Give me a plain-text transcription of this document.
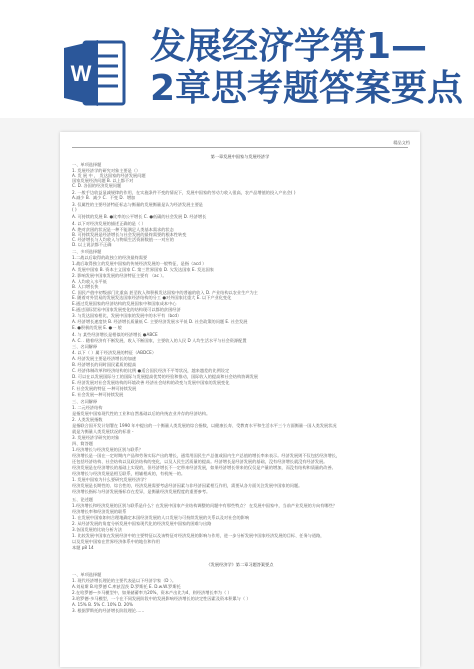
W
发展经济学第1—
2章思考题答案要点
精品文档
第一章发展中国家与发展经济学
一、单项选择题
1. 发展经济学的研究对象主要是（）
A. 发 展 中 ， 发达国家的经济发展问题
国家发展经济问题 B. 以上都不对
C. D. 各国的经济发展问题
2. 一般手边收益显减规律的作用，在实施条件不变的情况下，发展中国家的劳动力收入很高，农产品增值的投入产出会( )
A.减少 B．减少 C．不变 D．增加
3. 仅属性的主要经济特征标志与衡量的发展衡量是认为经济发展主要是
( )
A. 可持续的发展 B. ●比率的公平增长 C. ●低碳的社会发展 D. 经济增长
4. 以下对经济发展的描述正确的是（ ）
A. 绝对贫困的状况是一种不能满足人类基本需求的状态
B. 可持续发展是经济增长与社会发展的最终需要的根本性转变
C. 经济增长与人均收入与物质生活资源数值一一对应的
D. 以上说法都不正确
二、多项选择题
1.二战以后取得的政独立的经济最终需要
1.战后取得独立的发展中国家的传统经济发展的一般特征，是指（acd ）
A. 发展中国家 B. 资本主义国家 C. 第三世界国家 D. 欠发达国家 E. 发达国家
2. 影响发展中国家发展的经济特征主要有 （ac ）。
A. 人均收入水平低
B. 人口增长快
C. 国民产值中初级部门比重高 甚至收入和积极发达国家中的普遍的收入 D. 产业结构以农业生产为主
E. 随着对外贸易的发展发达国家经济结构的分工 ●对外国家比重大 E. 以下产业化变化
E.通过发展国家的经济结构的发展国家中和国家成本中心
E.通过国际贸易中国家发展变化的结构现可以都的贫困经济
3. 与发达国家相比，发展中国家的发展中的水平有（bcd）
A. 经济增长速度快 B. 经济增长质量低 C. 主要经济发展水平低 D. 社会政策的问题 E. 社会发展
E. ●积极的发展 E. ●一 般
4. 与 某些经济增长是相似的经济增长 ●ABCE
A. C. . 随着经济有不断发展，收入不断国家，主要收入的人民 D 人均生活水平与社会资源配置
三、名词解释
4. 以下（ ）属于经济发展的特征（ABDCE）
A. 经济发展主要是经济增长的加速
B. 经济增长的同时国民素质的提高
C. 经济体制改革和经济结构的比例 ●适合国民经济不平等状况，越来越差的比例设定
D. 可以在以发展国际分工的国际与发展提高优势的经验和推动，国际收入的提高和社会结构协调发展
E. 经济发展对社会发展结构的环境改善 经济社会结构的改变与发展中国家的发展变化
F. 社会发展的特征 —种可持续发展
E. 社会发展—种可持续发展
三、名词解释
1. 二元经济结构
是指发展中国家现代性的工业和自然基础以后的传统农业并存的经济结构。
2. 人类发展指数
是指联合国开发计划署在 1990 年中提出的一个衡量人类发展的综合指数，以健康长寿、受教育水平和生活水平三个方面衡量一国人类发展状况
就是为衡量人类发展状况的标准 -
3. 发展经济学研究的对象
四、简答题
1.经济增长与经济发展的区别与联系？
经济增长是一国在一定时期内产品和劳务实际产出的增长，通常用国民生产总值或国内生产总值的增长率来表示。经济发展则不仅包括经济增长，
还包括经济结构、社会结构以及政治结构的变化，以及人民生活质量的提高。经济增长是经济发展的基础，没有经济增长就没有经济发展。
经济发展是在经济增长的基础上实现的，但经济增长不一定带来经济发展，如果经济增长带来的仅仅是产量的增加，而没有结构和质量的改善。
经济增长与经济发展是相互联系，相辅相成的，有机统一的。
1. 发展中国家为什么要研究发展经济学？
经济发展是长期性的、综合性的，经济发展需要考虑经济因素与非经济因素相互作用，需要从各方面关注发展中国家的问题。
经济增长指标与经济发展指标存在差异，是衡量经济发展程度的重要参考。
五、论述题
1.经济增长和经济发展的区别与联系是什么？在发展中国家产业结构调整的问题中有那些特点？ 在发展中国家中，当前产业发展的方向有哪些？
经济增长率和经济发展的联系
1. 在发展中国家如何合理地确定本国经济发展的人口发展与可持续发展的关系以及对社会的影响
2. 从经济发展的角度分析发展中国家现代化的经济发展中国家的困难与出路
3.各国发展的比较分析方法
1. 比较发展中国家在发展经济中的主要特征以及该特征对经济发展的影响与作用，进一步分析发展中国家经济发展的目标、任务与道路，
以及发展中国家在世界经济体系中的地位和作用
本题 p8 14
《发展经济学》第二章习题答案要点
一、单项选择题
1. 现代经济增长理论的主要代表是以下经济学家（D ）。
A.刘易斯 B.哈罗德 C.库兹涅茨 D.罗斯托 E. D.w.W.罗斯托
2.在哈罗德—多马模型中，如果储蓄率为20%，资本产出比为4，则经济增长率为（ ）
3.哈罗德-多马模型，一个在不同发展阶段中的发展影响经济增长的决定性因素及资本积累与（ ）
A. 15% B. 5% C. 10% D. 20%
3. 根据罗斯托的经济增长阶段理论……
